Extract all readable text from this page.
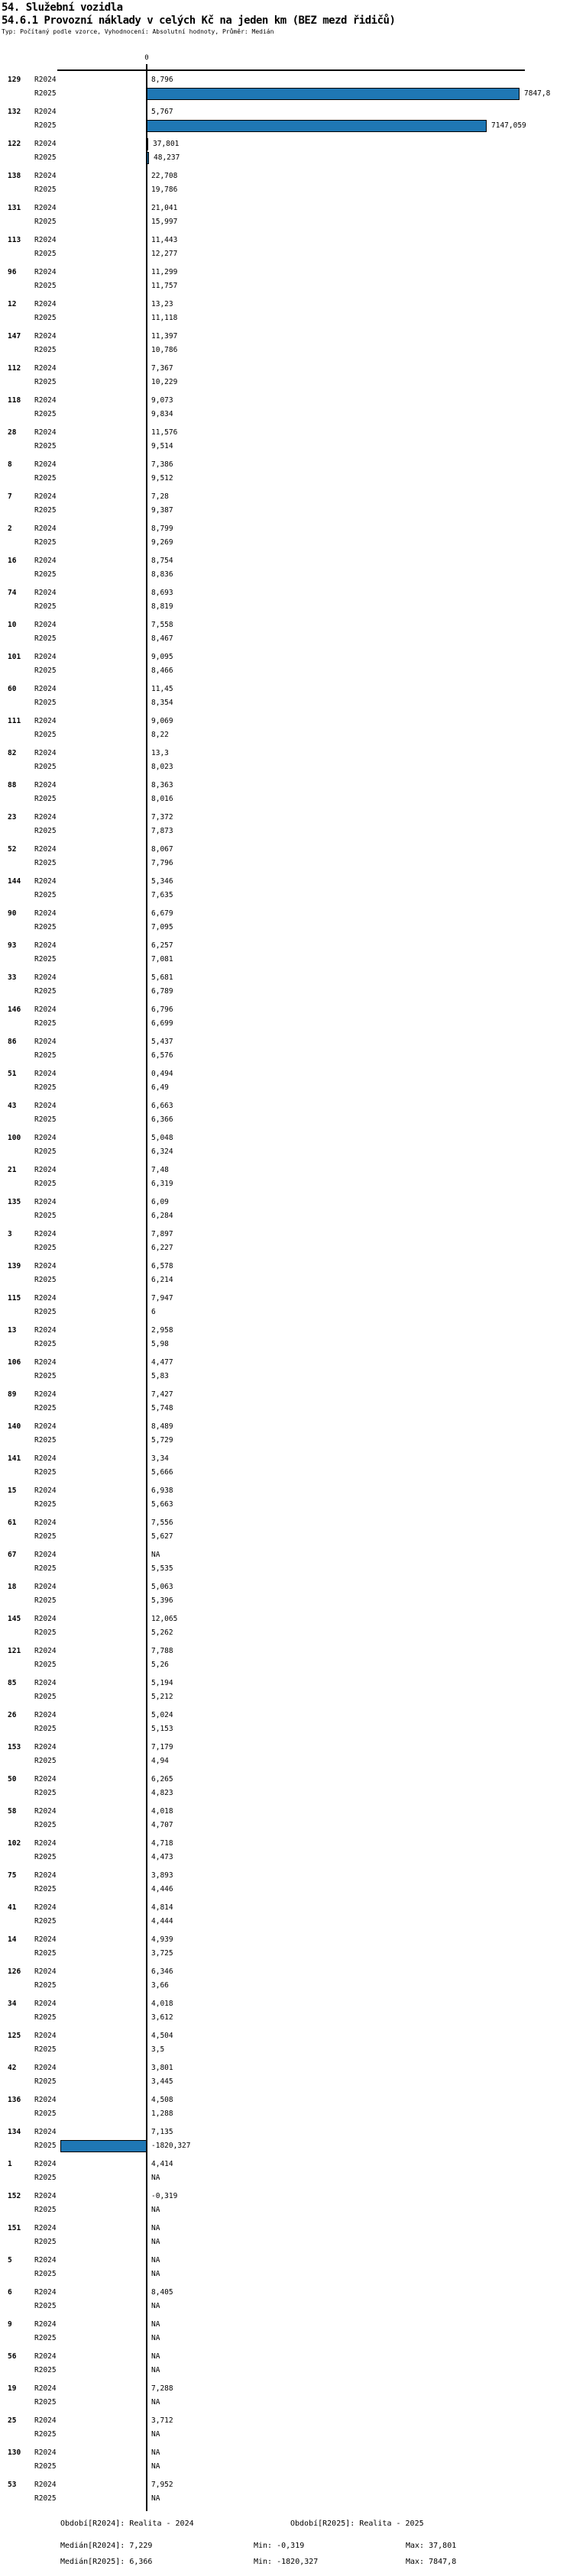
54. Služební vozidla
54.6.1 Provozní náklady v celých Kč na jeden km (BEZ mezd řidičů)
Typ: Počítaný podle vzorce, Vyhodnocení: Absolutní hodnoty, Průměr: Medián
0
129 R2024	8,796
R2025	7847,8
132 R2024	5,767
R2025	7147,059
122 R2024	37,801
R2025	48,237
138 R2024	22,708
R2025	19,786
131 R2024	21,041
R2025	15,997
113 R2024	11,443
R2025	12,277
96 R2024	11,299
R2025	11,757
12 R2024	13,23
R2025	11,118
147 R2024	11,397
R2025	10,786
112 R2024	7,367
R2025	10,229
118 R2024	9,073
R2025	9,834
28 R2024	11,576
R2025	9,514
8	R2024	7,386
R2025	9,512
7	R2024	7,28
R2025	9,387
2	R2024	8,799
R2025	9,269
16 R2024	8,754
R2025	8,836
74 R2024	8,693
R2025	8,819
10 R2024	7,558
R2025	8,467
101 R2024	9,095
R2025	8,466
60 R2024	11,45
R2025	8,354
111 R2024	9,069
R2025	8,22
82 R2024	13,3
R2025	8,023
88 R2024	8,363
R2025	8,016
23 R2024	7,372
R2025	7,873
52 R2024	8,067
R2025	7,796
144 R2024	5,346
R2025	7,635
90 R2024	6,679
R2025	7,095
93 R2024	6,257
R2025	7,081
33 R2024	5,681
R2025	6,789
146 R2024	6,796
R2025	6,699
86 R2024	5,437
R2025	6,576
51 R2024	0,494
R2025	6,49
43 R2024	6,663
R2025	6,366
100 R2024	5,048
R2025	6,324
21 R2024	7,48
R2025	6,319
135 R2024	6,09
R2025	6,284
3	R2024	7,897
R2025	6,227
139 R2024	6,578
R2025	6,214
115 R2024	7,947
R2025	6
13 R2024	2,958
R2025	5,98
106 R2024	4,477
R2025	5,83
89 R2024	7,427
R2025	5,748
140 R2024	8,489
R2025	5,729
141 R2024	3,34
R2025	5,666
15 R2024	6,938
R2025	5,663
61 R2024	7,556
R2025	5,627
67 R2024	NA
R2025	5,535
18 R2024	5,063
R2025	5,396
145 R2024	12,065
R2025	5,262
121 R2024	7,788
R2025	5,26
85 R2024	5,194
R2025	5,212
26 R2024	5,024
R2025	5,153
153 R2024	7,179
R2025	4,94
50 R2024	6,265
R2025	4,823
58 R2024	4,018
R2025	4,707
102 R2024	4,718
R2025	4,473
75 R2024	3,893
R2025	4,446
41 R2024	4,814
R2025	4,444
14 R2024	4,939
R2025	3,725
126 R2024	6,346
R2025	3,66
34 R2024	4,018
R2025	3,612
125 R2024	4,504
R2025	3,5
42 R2024	3,801
R2025	3,445
136 R2024	4,508
R2025	1,288
134 R2024	7,135
R2025	-1820,327
1	R2024	4,414
R2025	NA
152 R2024	-0,319
R2025	NA
151 R2024	NA
R2025	NA
5	R2024	NA
R2025	NA
6	R2024	8,405
R2025	NA
9	R2024	NA
R2025	NA
56 R2024	NA
R2025	NA
19 R2024	7,288
R2025	NA
25 R2024	3,712
R2025	NA
130 R2024	NA
R2025	NA
53 R2024	7,952
R2025	NA
Období[R2024]: Realita - 2024	Období[R2025]: Realita - 2025
Medián[R2024]: 7,229	Min: -0,319	Max: 37,801
Medián[R2025]: 6,366	Min: -1820,327	Max: 7847,8
